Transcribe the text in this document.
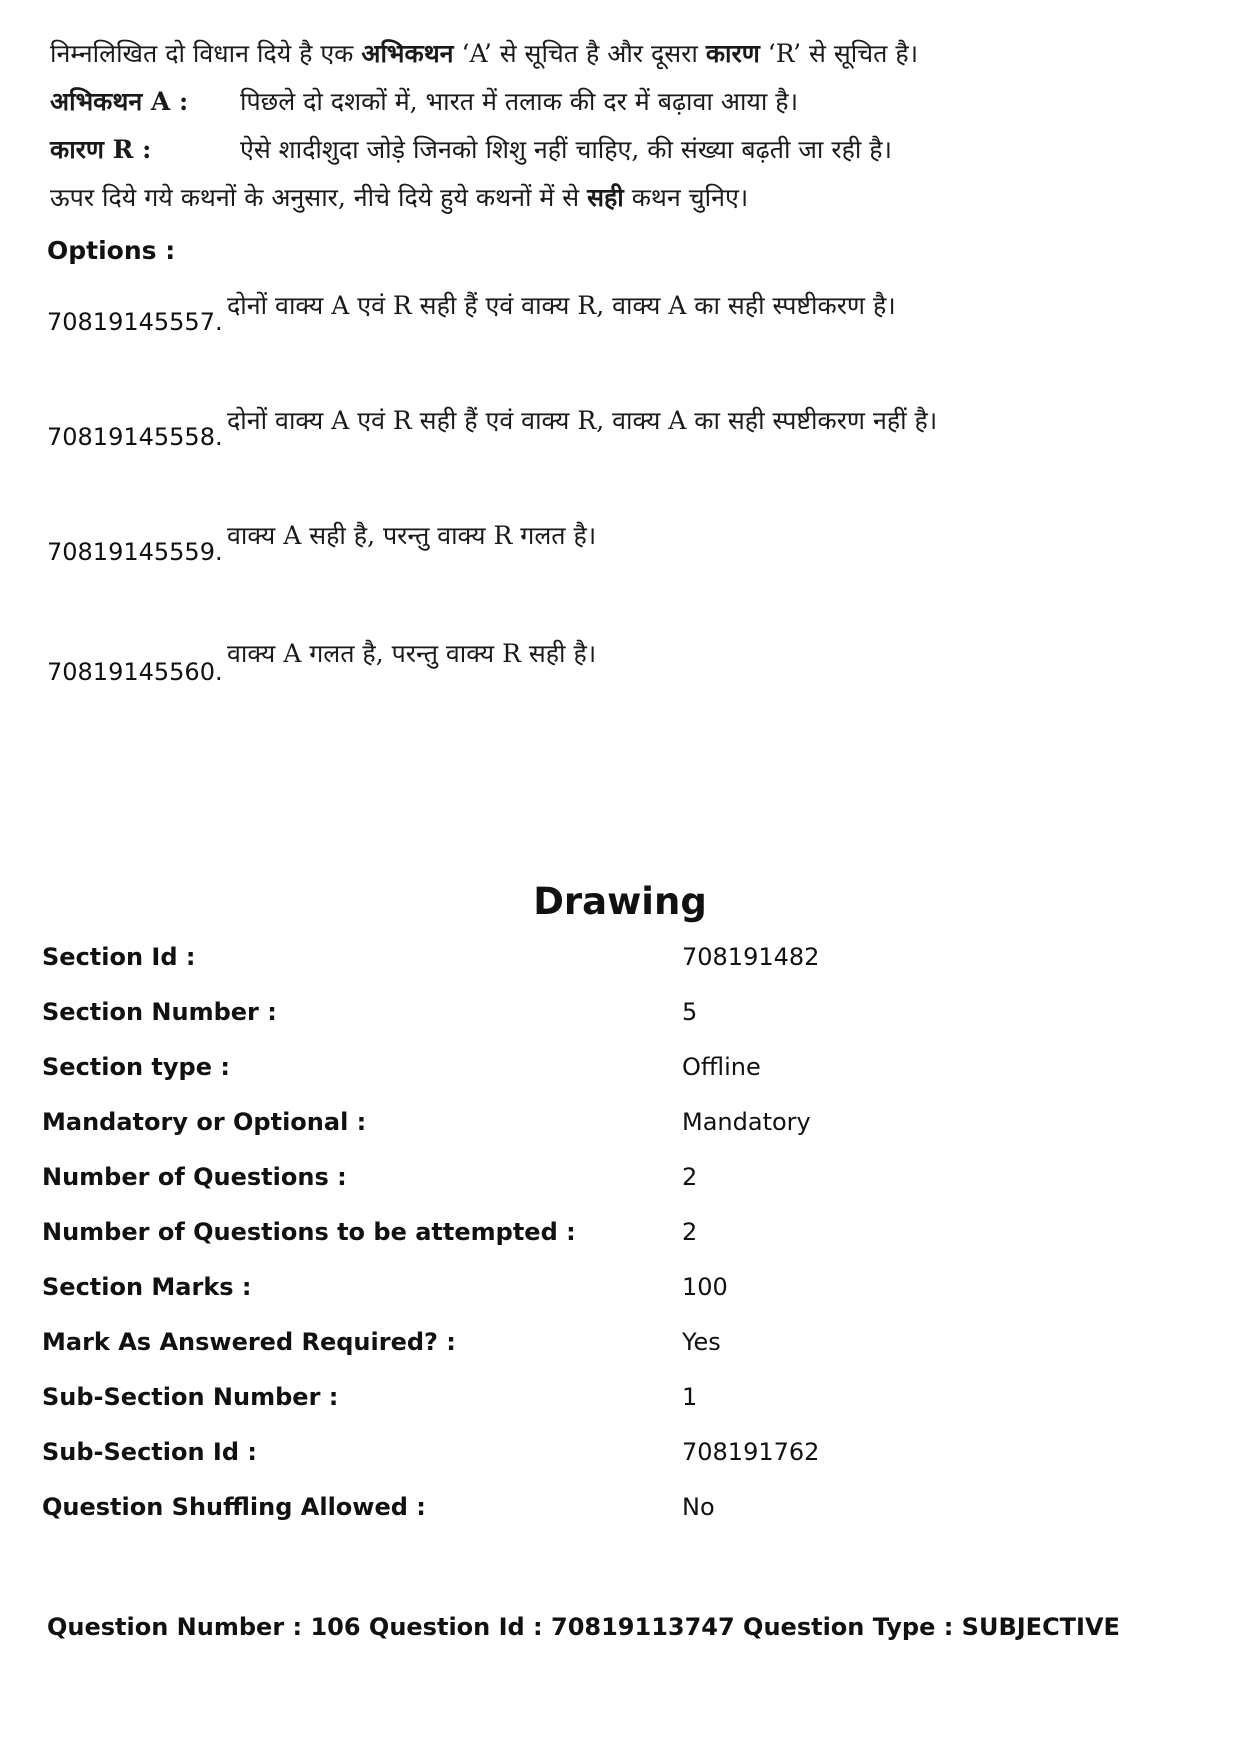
निम्नलिखित दो विधान दिये है एक अभिकथन ‘A’ से सूचित है और दूसरा कारण ‘R’ से सूचित है।
अभिकथन A : पिछले दो दशकों में, भारत में तलाक की दर में बढ़ावा आया है।
कारण R :	ऐसे शादीशुदा जोड़े जिनको शिशु नहीं चाहिए, की संख्या बढ़ती जा रही है।
ऊपर दिये गये कथनों के अनुसार, नीचे दिये हुये कथनों में से सही कथन चुनिए।
Options :
70819145557.
दोनों वाक्य A एवं R सही हैं एवं वाक्य R, वाक्य A का सही स्पष्टीकरण है।
70819145558.
दोनों वाक्य A एवं R सही हैं एवं वाक्य R, वाक्य A का सही स्पष्टीकरण नहीं है।
70819145559.
वाक्य A सही है, परन्तु वाक्य R गलत है।
70819145560.
वाक्य A गलत है, परन्तु वाक्य R सही है।
Drawing
Section Id :	708191482
Section Number :	5
Section type :	Offline
Mandatory or Optional :	Mandatory
Number of Questions :	2
Number of Questions to be attempted :	2
Section Marks :	100
Mark As Answered Required? :	Yes
Sub-Section Number :	1
Sub-Section Id :	708191762
Question Shuffling Allowed :	No
Question Number : 106 Question Id : 70819113747 Question Type : SUBJECTIVE
